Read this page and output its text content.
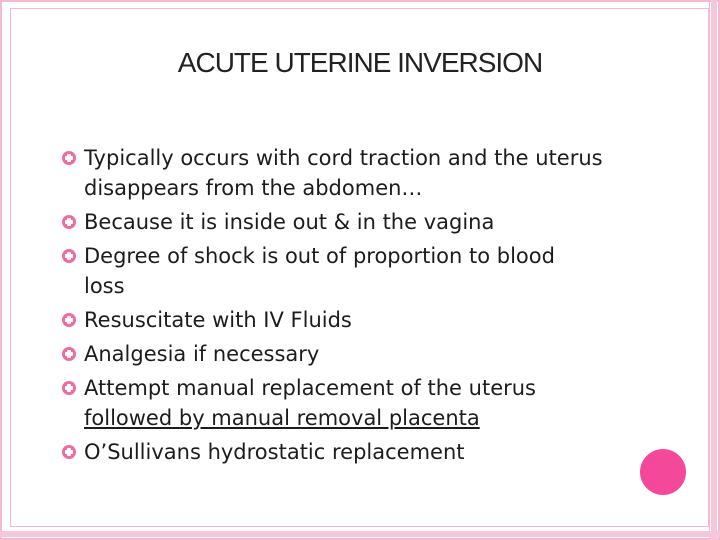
ACUTE UTERINE INVERSION
Typically occurs with cord traction and the uterus
disappears from the abdomen…
Because it is inside out & in the vagina
Degree of shock is out of proportion to blood
loss
Resuscitate with IV Fluids
Analgesia if necessary
Attempt manual replacement of the uterus
followed by manual removal placenta
O’Sullivans hydrostatic replacement
